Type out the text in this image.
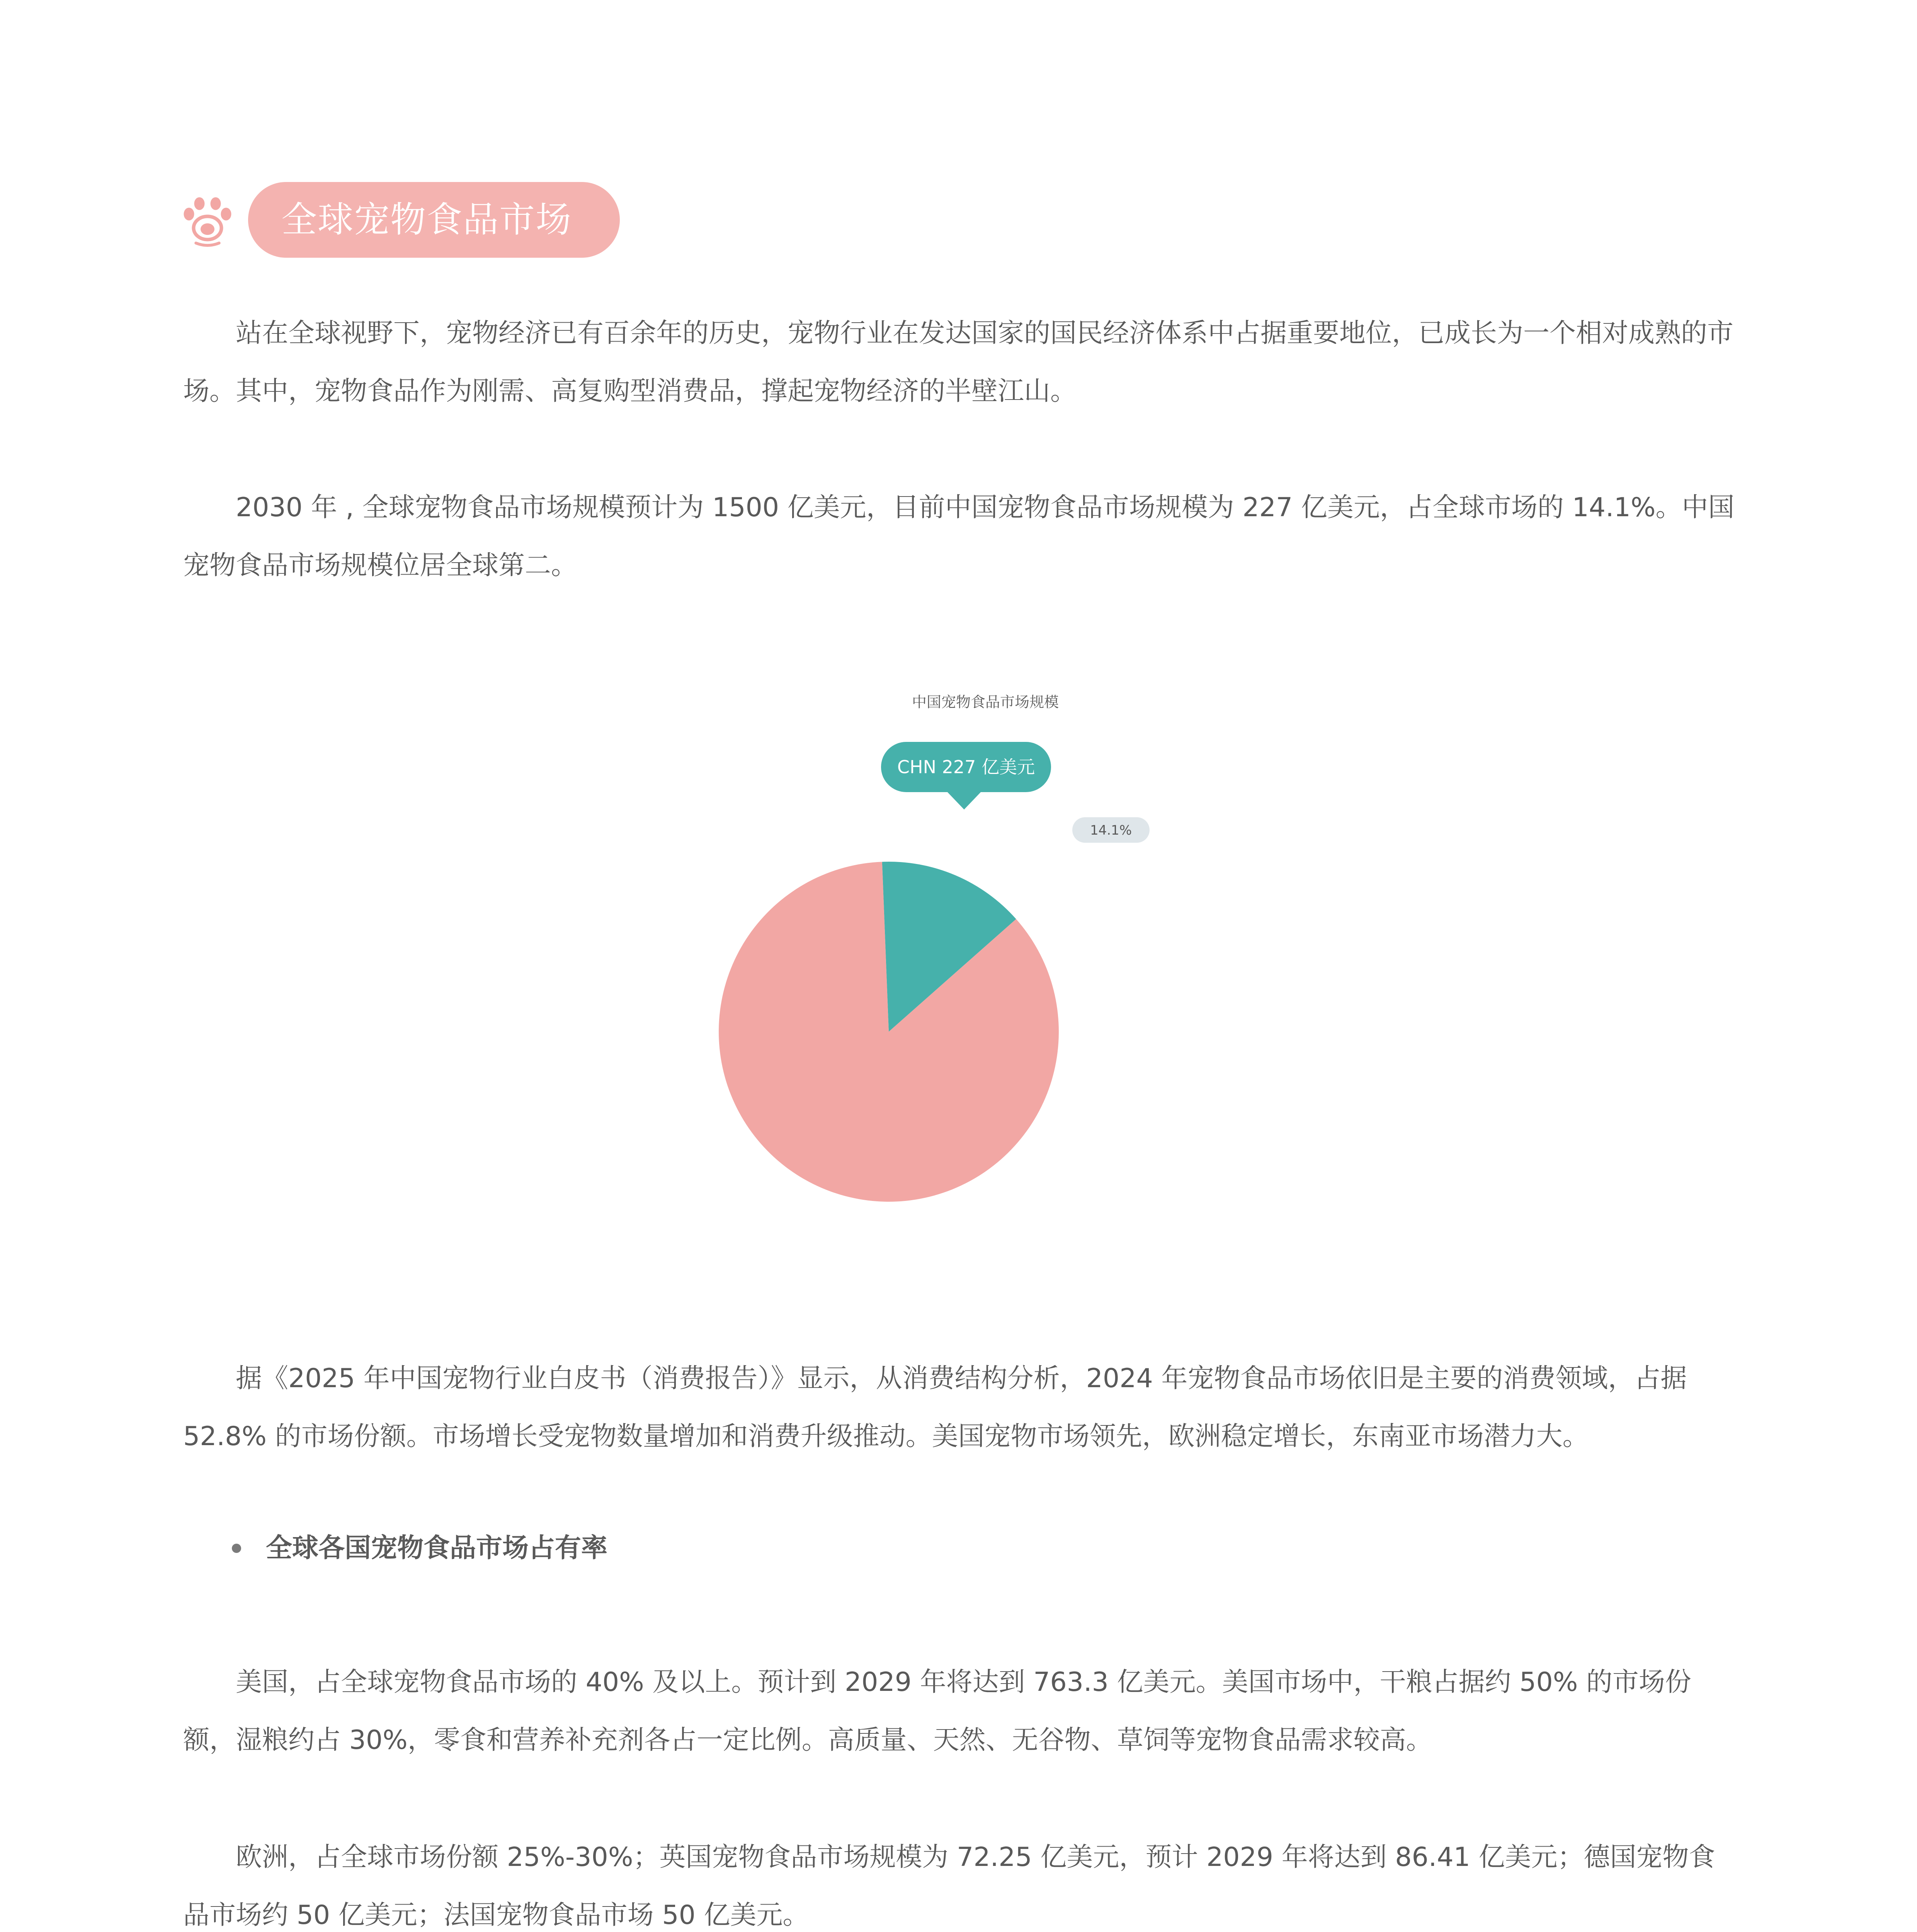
全球宠物食品市场

站在全球视野下，宠物经济已有百余年的历史，宠物行业在发达国家的国民经济体系中占据重要地位，已成长为一个相对成熟的市场。其中，宠物食品作为刚需、高复购型消费品，撑起宠物经济的半壁江山。

2030 年 , 全球宠物食品市场规模预计为 1500 亿美元，目前中国宠物食品市场规模为 227 亿美元，占全球市场的 14.1%。中国宠物食品市场规模位居全球第二。

中国宠物食品市场规模
CHN 227 亿美元
14.1%

据《2025 年中国宠物行业白皮书（消费报告）》显示，从消费结构分析，2024 年宠物食品市场依旧是主要的消费领域，占据 52.8% 的市场份额。市场增长受宠物数量增加和消费升级推动。美国宠物市场领先，欧洲稳定增长，东南亚市场潜力大。

全球各国宠物食品市场占有率

美国，占全球宠物食品市场的 40% 及以上。预计到 2029 年将达到 763.3 亿美元。美国市场中，干粮占据约 50% 的市场份额，湿粮约占 30%，零食和营养补充剂各占一定比例。高质量、天然、无谷物、草饲等宠物食品需求较高。

欧洲，占全球市场份额 25%-30%；英国宠物食品市场规模为 72.25 亿美元，预计 2029 年将达到 86.41 亿美元；德国宠物食品市场约 50 亿美元；法国宠物食品市场 50 亿美元。
